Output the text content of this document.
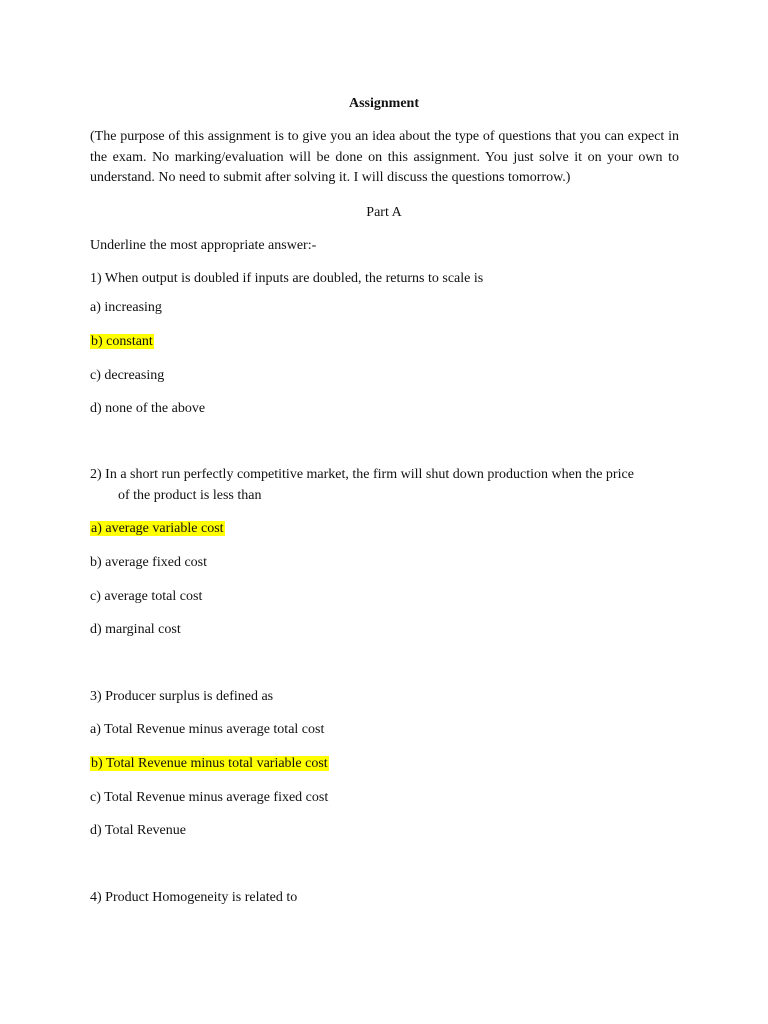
Assignment
(The purpose of this assignment is to give you an idea about the type of questions that you can expect in the exam. No marking/evaluation will be done on this assignment. You just solve it on your own to understand. No need to submit after solving it. I will discuss the questions tomorrow.)
Part A
Underline the most appropriate answer:-
1) When output is doubled if inputs are doubled, the returns to scale is
a) increasing
b) constant
c) decreasing
d) none of the above
2) In a short run perfectly competitive market, the firm will shut down production when the price
of the product is less than
a) average variable cost
b) average fixed cost
c) average total cost
d) marginal cost
3) Producer surplus is defined as
a) Total Revenue minus average total cost
b) Total Revenue minus total variable cost
c) Total Revenue minus average fixed cost
d) Total Revenue
4) Product Homogeneity is related to
